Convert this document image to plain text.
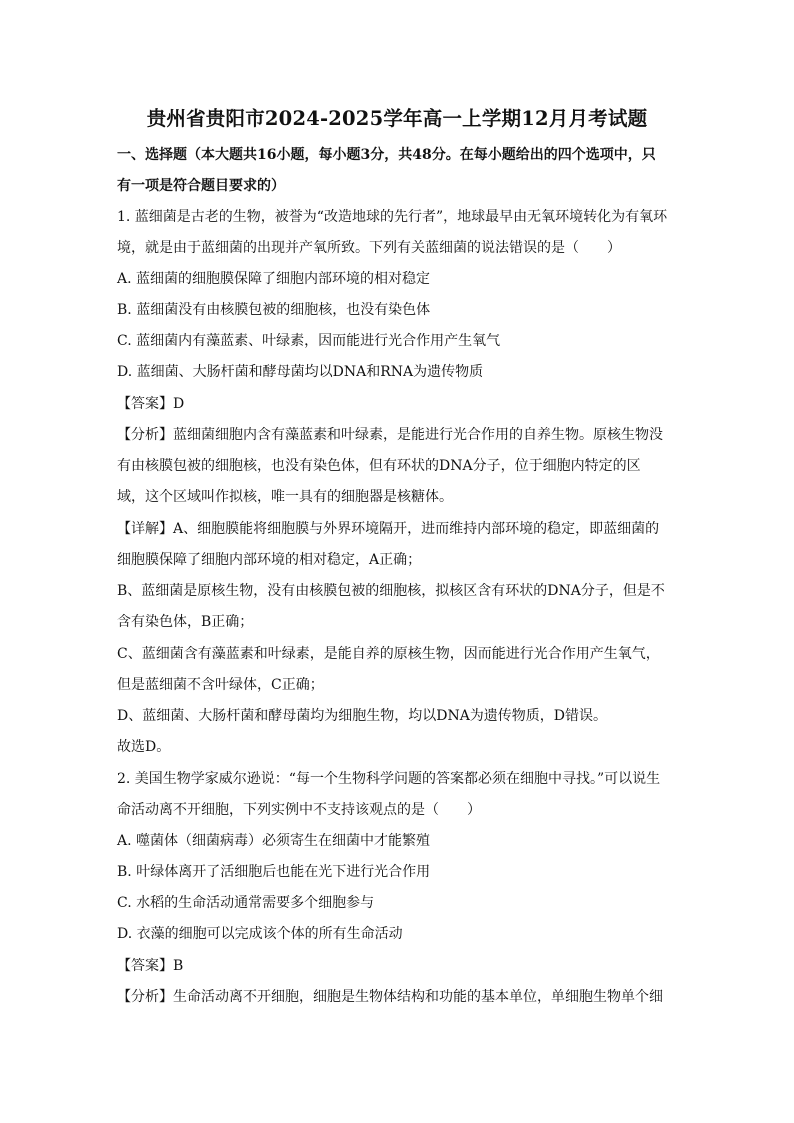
贵州省贵阳市2024-2025学年高一上学期12月月考试题
一、选择题（本大题共16小题，每小题3分，共48分。在每小题给出的四个选项中，只
有一项是符合题目要求的）
1. 蓝细菌是古老的生物，被誉为“改造地球的先行者”，地球最早由无氧环境转化为有氧环
境，就是由于蓝细菌的出现并产氧所致。下列有关蓝细菌的说法错误的是（　　）
A. 蓝细菌的细胞膜保障了细胞内部环境的相对稳定
B. 蓝细菌没有由核膜包被的细胞核，也没有染色体
C. 蓝细菌内有藻蓝素、叶绿素，因而能进行光合作用产生氧气
D. 蓝细菌、大肠杆菌和酵母菌均以DNA和RNA为遗传物质
【答案】D
【分析】蓝细菌细胞内含有藻蓝素和叶绿素，是能进行光合作用的自养生物。原核生物没
有由核膜包被的细胞核，也没有染色体，但有环状的DNA分子，位于细胞内特定的区
域，这个区域叫作拟核，唯一具有的细胞器是核糖体。
【详解】A、细胞膜能将细胞膜与外界环境隔开，进而维持内部环境的稳定，即蓝细菌的
细胞膜保障了细胞内部环境的相对稳定，A正确；
B、蓝细菌是原核生物，没有由核膜包被的细胞核，拟核区含有环状的DNA分子，但是不
含有染色体，B正确；
C、蓝细菌含有藻蓝素和叶绿素，是能自养的原核生物，因而能进行光合作用产生氧气，
但是蓝细菌不含叶绿体，C正确；
D、蓝细菌、大肠杆菌和酵母菌均为细胞生物，均以DNA为遗传物质，D错误。
故选D。
2. 美国生物学家威尔逊说：“每一个生物科学问题的答案都必须在细胞中寻找。”可以说生
命活动离不开细胞，下列实例中不支持该观点的是（　　）
A. 噬菌体（细菌病毒）必须寄生在细菌中才能繁殖
B. 叶绿体离开了活细胞后也能在光下进行光合作用
C. 水稻的生命活动通常需要多个细胞参与
D. 衣藻的细胞可以完成该个体的所有生命活动
【答案】B
【分析】生命活动离不开细胞，细胞是生物体结构和功能的基本单位，单细胞生物单个细
